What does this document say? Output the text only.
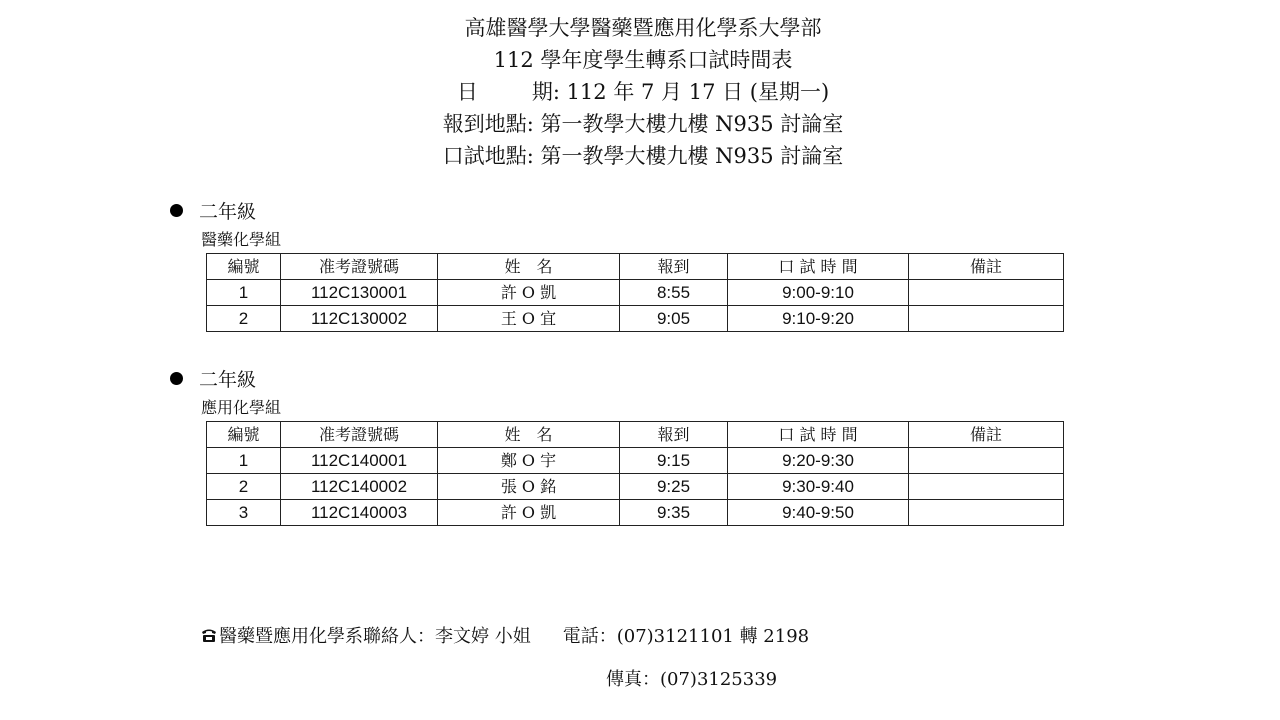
高雄醫學大學醫藥暨應用化學系大學部
112 學年度學生轉系口試時間表
日	期: 112 年 7 月 17 日 (星期一)
報到地點: 第一教學大樓九樓 N935 討論室
口試地點: 第一教學大樓九樓 N935 討論室
二年級
醫藥化學組
編號	准考證號碼	姓　名	報到	口 試 時 間	備註
1	112C130001	許 O 凱	8:55	9:00-9:10	
2	112C130002	王 O 宜	9:05	9:10-9:20	
二年級
應用化學組
編號	准考證號碼	姓　名	報到	口 試 時 間	備註
1	112C140001	鄭 O 宇	9:15	9:20-9:30	
2	112C140002	張 O 銘	9:25	9:30-9:40	
3	112C140003	許 O 凱	9:35	9:40-9:50	
醫藥暨應用化學系聯絡人：李文婷 小姐 電話：(07)3121101 轉 2198
傳真：(07)3125339
